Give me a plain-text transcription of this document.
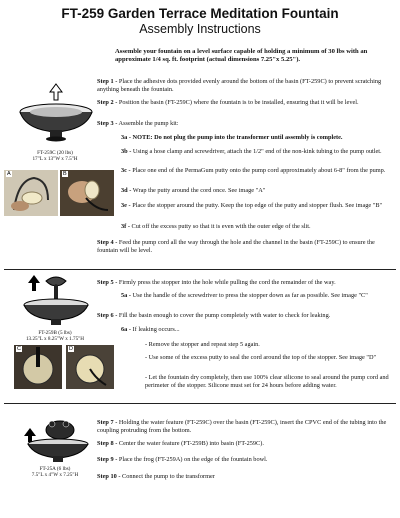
FT-259 Garden Terrace Meditation Fountain
Assembly Instructions
Assemble your fountain on a level surface capable of holding a minimum of 30 lbs with an approximate 1/4 sq. ft. footprint (actual dimensions 7.25"x 5.25").
FT-259C (20 lbs)
17"L x 13"W x 7.5"H
A	B
Step 1 - Place the adhesive dots provided evenly around the bottom of the basin (FT-259C) to prevent scratching anything beneath the fountain.
Step 2 - Position the basin (FT-259C) where the fountain is to be installed, ensuring that it will be level.
Step 3 - Assemble the pump kit:
3a - NOTE: Do not plug the pump into the transformer until assembly is complete.
3b - Using a hose clamp and screwdriver, attach the 1/2" end of the non-kink tubing to the pump outlet.
3c - Place one end of the PermaGum putty onto the pump cord approximately about 6-8" from the pump.
3d - Wrap the putty around the cord once. See image "A"
3e - Place the stopper around the putty. Keep the top edge of the putty and stopper flush. See image "B"
3f - Cut off the excess putty so that it is even with the outer edge of the slit.
Step 4 - Feed the pump cord all the way through the hole and the channel in the basin (FT-259C) to ensure the fountain will be level.
FT-259B (5 lbs)
13.25"L x 8.25"W x 1.75"H
C	D
Step 5 - Firmly press the stopper into the hole while pulling the cord the remainder of the way.
5a - Use the handle of the screwdriver to press the stopper down as far as possible. See image "C"
Step 6 - Fill the basin enough to cover the pump completely with water to check for leaking.
6a - If leaking occurs...
- Remove the stopper and repeat step 5 again.
- Use some of the excess putty to seal the cord around the top of the stopper. See image "D"
- Let the fountain dry completely, then use 100% clear silicone to seal around the pump cord and perimeter of the stopper. Silicone must set for 24 hours before adding water.
FT-25A (6 lbs)
7.5"L x 4"W x 7.25"H
Step 7 - Holding the water feature (FT-259C) over the basin (FT-259C), insert the CPVC end of the tubing into the coupling protruding from the bottom.
Step 8 - Center the water feature (FT-259B) into basin (FT-259C).
Step 9 - Place the frog (FT-259A) on the edge of the fountain bowl.
Step 10 - Connect the pump to the transformer
